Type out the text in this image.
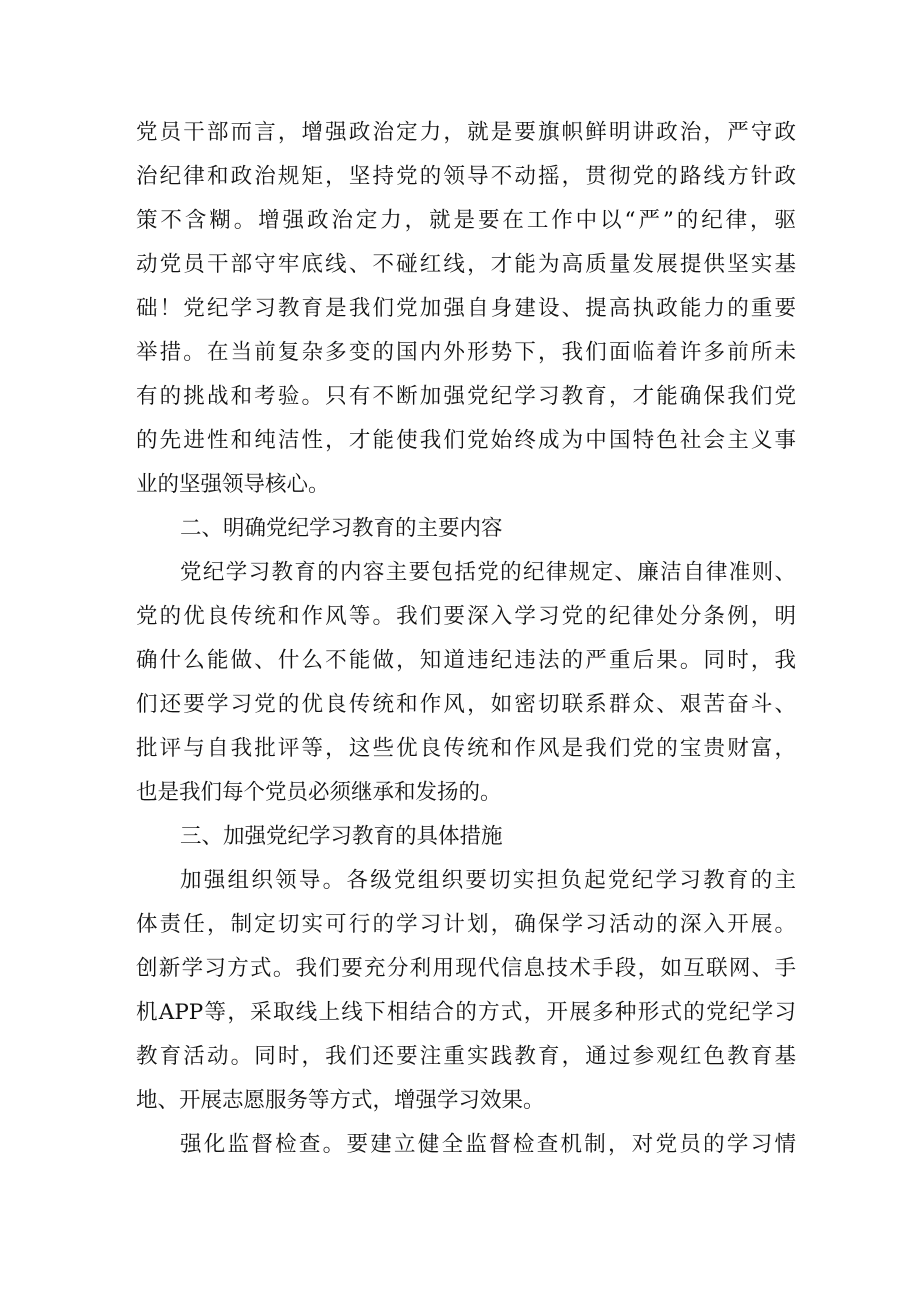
党员干部而言，增强政治定力，就是要旗帜鲜明讲政治，严守政
治纪律和政治规矩，坚持党的领导不动摇，贯彻党的路线方针政
策不含糊。增强政治定力，就是要在工作中以“严”的纪律，驱
动党员干部守牢底线、不碰红线，才能为高质量发展提供坚实基
础！党纪学习教育是我们党加强自身建设、提高执政能力的重要
举措。在当前复杂多变的国内外形势下，我们面临着许多前所未
有的挑战和考验。只有不断加强党纪学习教育，才能确保我们党
的先进性和纯洁性，才能使我们党始终成为中国特色社会主义事
业的坚强领导核心。
二、明确党纪学习教育的主要内容
党纪学习教育的内容主要包括党的纪律规定、廉洁自律准则、
党的优良传统和作风等。我们要深入学习党的纪律处分条例，明
确什么能做、什么不能做，知道违纪违法的严重后果。同时，我
们还要学习党的优良传统和作风，如密切联系群众、艰苦奋斗、
批评与自我批评等，这些优良传统和作风是我们党的宝贵财富，
也是我们每个党员必须继承和发扬的。
三、加强党纪学习教育的具体措施
加强组织领导。各级党组织要切实担负起党纪学习教育的主
体责任，制定切实可行的学习计划，确保学习活动的深入开展。
创新学习方式。我们要充分利用现代信息技术手段，如互联网、手
机APP等，采取线上线下相结合的方式，开展多种形式的党纪学习
教育活动。同时，我们还要注重实践教育，通过参观红色教育基
地、开展志愿服务等方式，增强学习效果。
强化监督检查。要建立健全监督检查机制，对党员的学习情
